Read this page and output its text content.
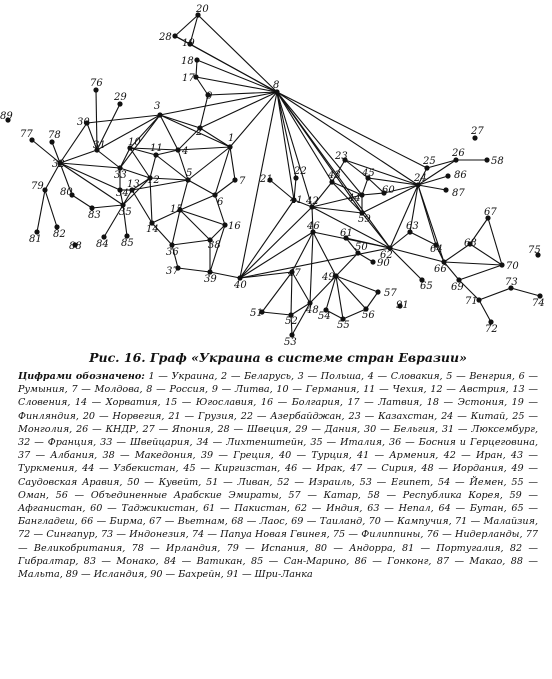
1
2
3
4
5
6
7
8
9
10
11
12
13
14
15
16
17
18
19
20
21
22
23
24
25
26
27
28
29
30
31
32
33
34
35
36
37
38
39
40
41 42
43
44
45
46
47
48
49
50
51
52
53
54
55
56
57
58
59
60
61
62
63
64
65
66
67
68
69
70
71
72
73
74
75
76
77 78
79
80
81 82
83
84 85
86
87
88
89
90
91
Рис. 16. Граф «Украина в системе стран Евразии»
Цифрами обозначено: 1 — Украина, 2 — Беларусь, 3 — Польша, 4 — Словакия, 5 — Венгрия, 6 — Румыния, 7 — Молдова, 8 — Россия, 9 — Литва, 10 — Германия, 11 — Чехия, 12 — Австрия, 13 — Словения, 14 — Хорватия, 15 — Югославия, 16 — Болгария, 17 — Латвия, 18 — Эстония, 19 — Финляндия, 20 — Норвегия, 21 — Грузия, 22 — Азербайджан, 23 — Казахстан, 24 — Китай, 25 — Монголия, 26 — КНДР, 27 — Япония, 28 — Швеция, 29 — Дания, 30 — Бельгия, 31 — Люксембург, 32 — Франция, 33 — Швейцария, 34 — Лихтенштейн, 35 — Италия, 36 — Босния и Герцеговина, 37 — Албания, 38 — Македония, 39 — Греция, 40 — Турция, 41 — Армения, 42 — Иран, 43 — Туркмения, 44 — Узбекистан, 45 — Киргизстан, 46 — Ирак, 47 — Сирия, 48 — Иордания, 49 — Саудовская Аравия, 50 — Кувейт, 51 — Ливан, 52 — Израиль, 53 — Египет, 54 — Йемен, 55 — Оман, 56 — Объединенные Арабские Эмираты, 57 — Катар, 58 — Республика Корея, 59 — Афганистан, 60 — Таджикистан, 61 — Пакистан, 62 — Индия, 63 — Непал, 64 — Бутан, 65 — Бангладеш, 66 — Бирма, 67 — Вьетнам, 68 — Лаос, 69 — Таиланд, 70 — Кампучия, 71 — Малайзия, 72 — Сингапур, 73 — Индонезия, 74 — Папуа Новая Гвинея, 75 — Филиппины, 76 — Нидерланды, 77 — Великобритания, 78 — Ирландия, 79 — Испания, 80 — Андорра, 81 — Португалия, 82 — Гибралтар, 83 — Монако, 84 — Ватикан, 85 — Сан-Марино, 86 — Гонконг, 87 — Макао, 88 — Мальта, 89 — Исландия, 90 — Бахрейн, 91 — Шри-Ланка
